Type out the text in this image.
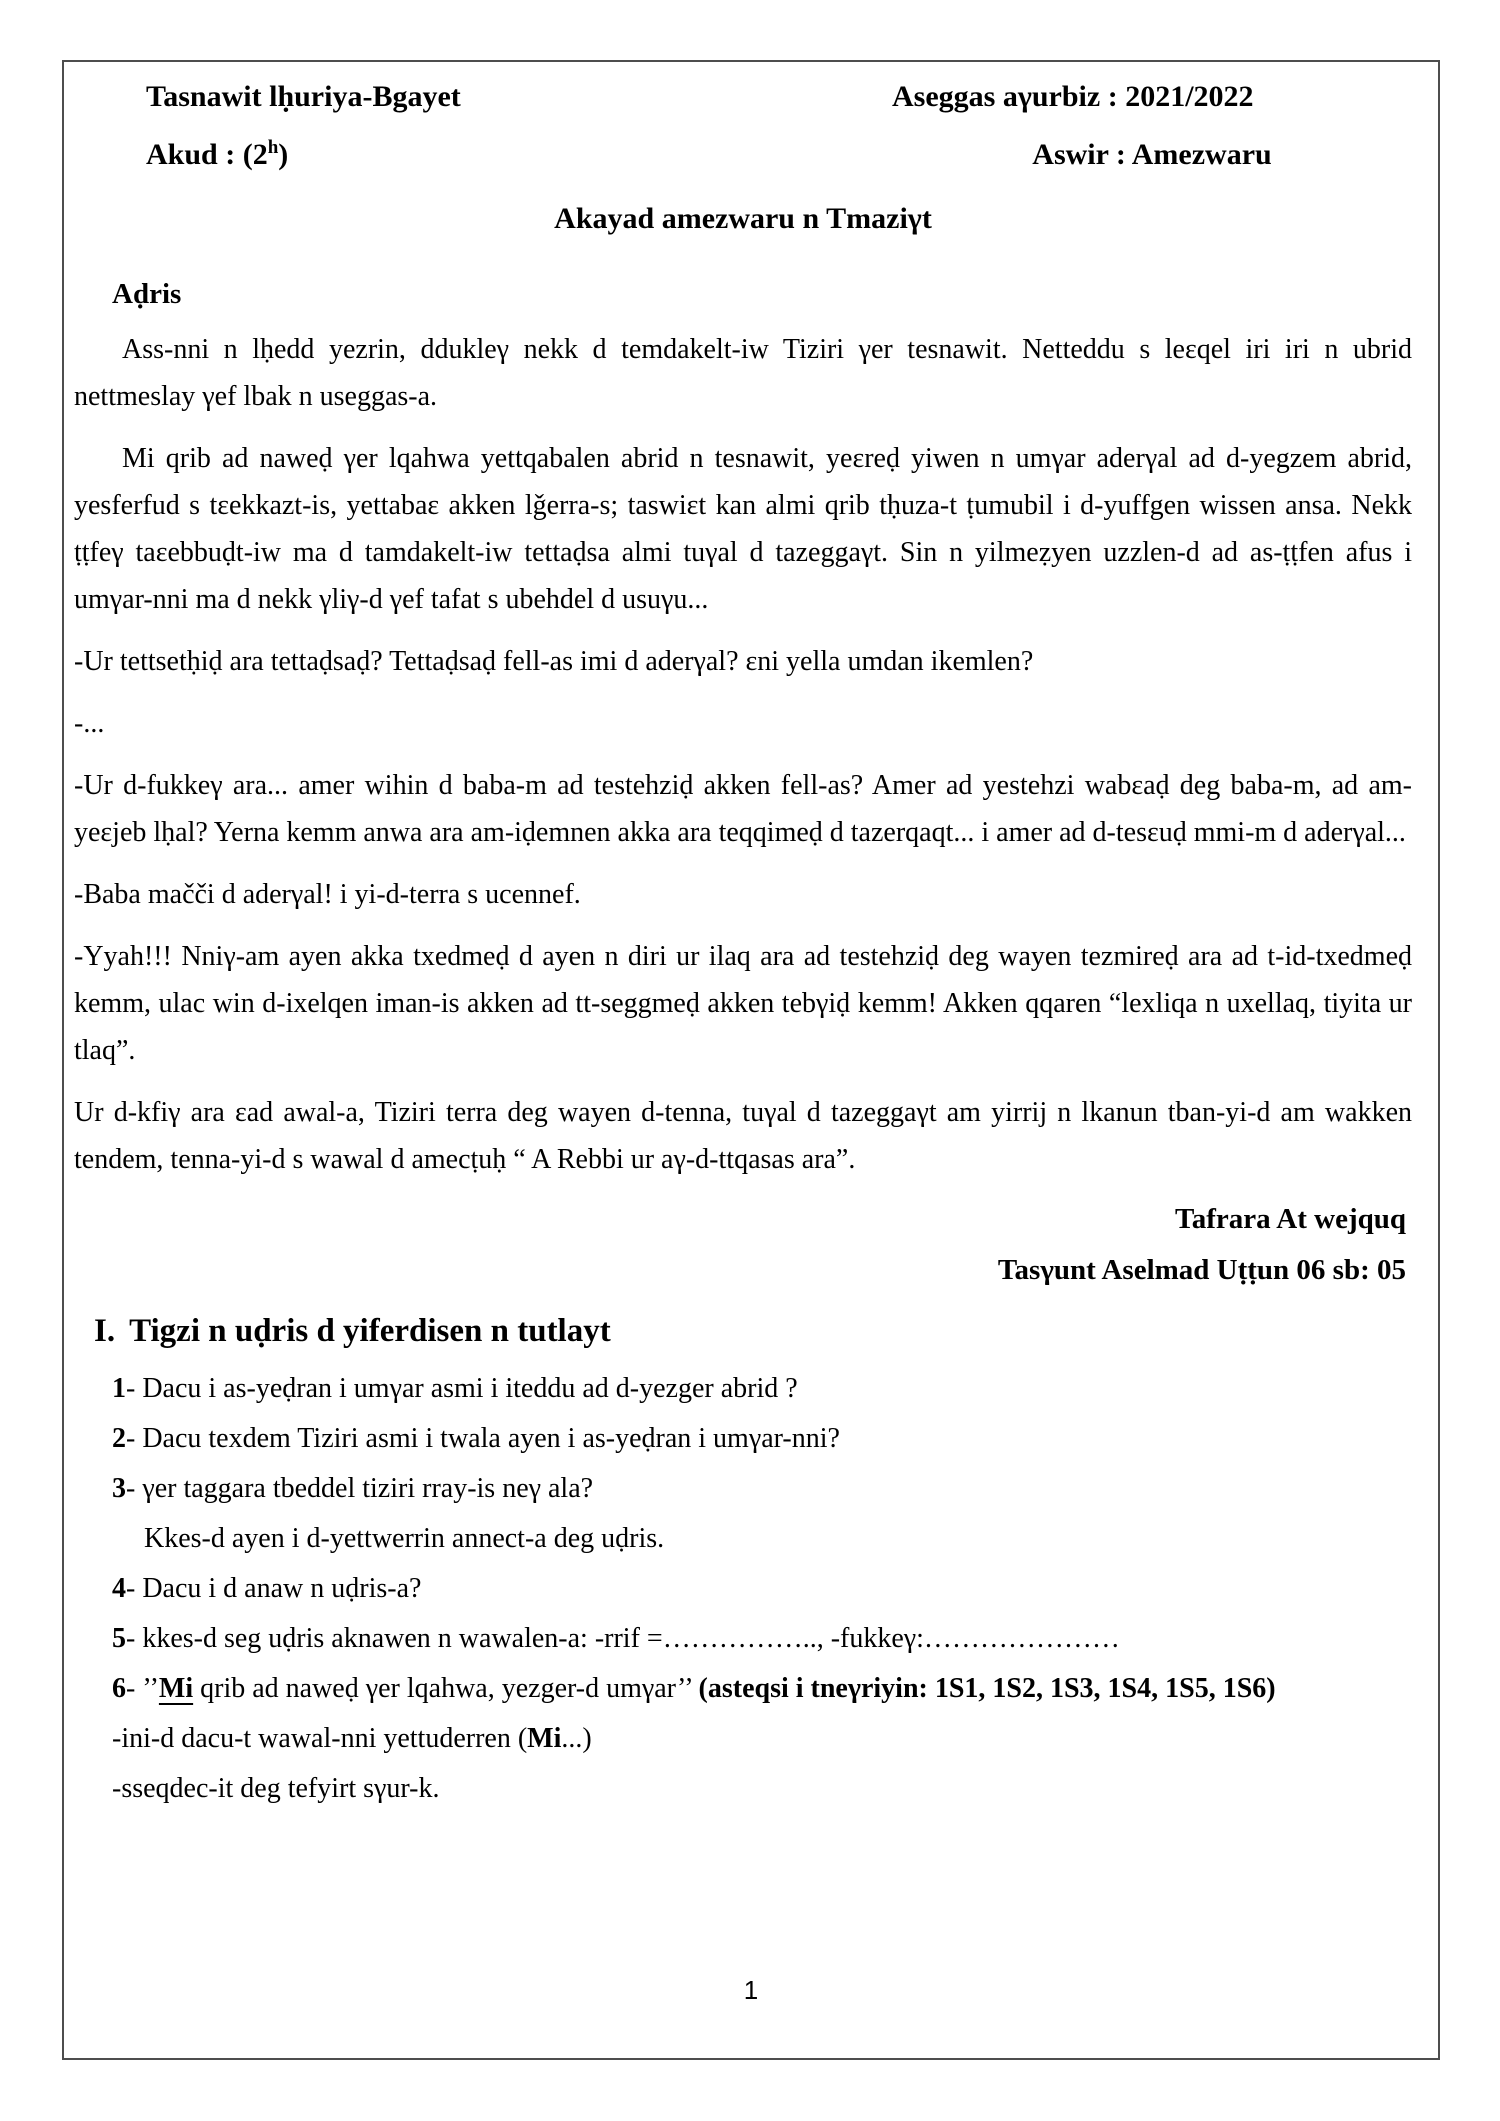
Tasnawit lḥuriya-Bgayet	Aseggas aγurbiz : 2021/2022
Akud : (2$^h$)	Aswir : Amezwaru
Akayad amezwaru n Tmaziγt
Aḍris

Ass-nni n lḥedd yezrin, ddukleγ nekk d temdakelt-iw Tiziri γer tesnawit. Netteddu s leɛqel iri iri n ubrid nettmeslay γef lbak n useggas-a.

Mi qrib ad naweḍ γer lqahwa yettqabalen abrid n tesnawit, yeɛreḍ yiwen n umγar aderγal ad d-yegzem abrid, yesferfud s tɛekkazt-is, yettabaɛ akken lǧerra-s; taswiɛt kan almi qrib tḥuza-t ṭumubil i d-yuffgen wissen ansa. Nekk ṭṭfeγ taɛebbuḍt-iw ma d tamdakelt-iw tettaḍsa almi tuγal d tazeggaγt. Sin n yilmeẓyen uzzlen-d ad as-ṭṭfen afus i umγar-nni ma d nekk γliγ-d γef tafat s ubehdel d usuγu...

-Ur tettsetḥiḍ ara tettaḍsaḍ? Tettaḍsaḍ fell-as imi d aderγal? ɛni yella umdan ikemlen?

-...

-Ur d-fukkeγ ara... amer wihin d baba-m ad testehziḍ akken fell-as? Amer ad yestehzi wabɛaḍ deg baba-m, ad am-yeɛjeb lḥal? Yerna kemm anwa ara am-iḍemnen akka ara teqqimeḍ d tazerqaqt... i amer ad d-tesɛuḍ mmi-m d aderγal...

-Baba mačči d aderγal! i yi-d-terra s ucennef.

-Yyah!!! Nniγ-am ayen akka txedmeḍ d ayen n diri ur ilaq ara ad testehziḍ deg wayen tezmireḍ ara ad t-id-txedmeḍ kemm, ulac win d-ixelqen iman-is akken ad tt-seggmeḍ akken tebγiḍ kemm! Akken qqaren “lexliqa n uxellaq, tiyita ur tlaq”.

Ur d-kfiγ ara ɛad awal-a, Tiziri terra deg wayen d-tenna, tuγal d tazeggaγt am yirrij n lkanun tban-yi-d am wakken tendem, tenna-yi-d s wawal d amecṭuḥ “ A Rebbi ur aγ-d-ttqasas ara”.

Tafrara At wejquq
Tasγunt Aselmad Uṭṭun 06 sb: 05
I. Tigzi n uḍris d yiferdisen n tutlayt

1- Dacu i as-yeḍran i umγar asmi i iteddu ad d-yezger abrid ?

2- Dacu texdem Tiziri asmi i twala ayen i as-yeḍran i umγar-nni?

3- γer taggara tbeddel tiziri rray-is neγ ala?

Kkes-d ayen i d-yettwerrin annect-a deg uḍris.

4- Dacu i d anaw n uḍris-a?

5- kkes-d seg uḍris aknawen n wawalen-a: -rrif =…………….., -fukkeγ:…………………

6- ’’Mi qrib ad naweḍ γer lqahwa, yezger-d umγar’’ (asteqsi i tneγriyin: 1S1, 1S2, 1S3, 1S4, 1S5, 1S6)

-ini-d dacu-t wawal-nni yettuderren (Mi...)

-sseqdec-it deg tefyirt sγur-k.

1
